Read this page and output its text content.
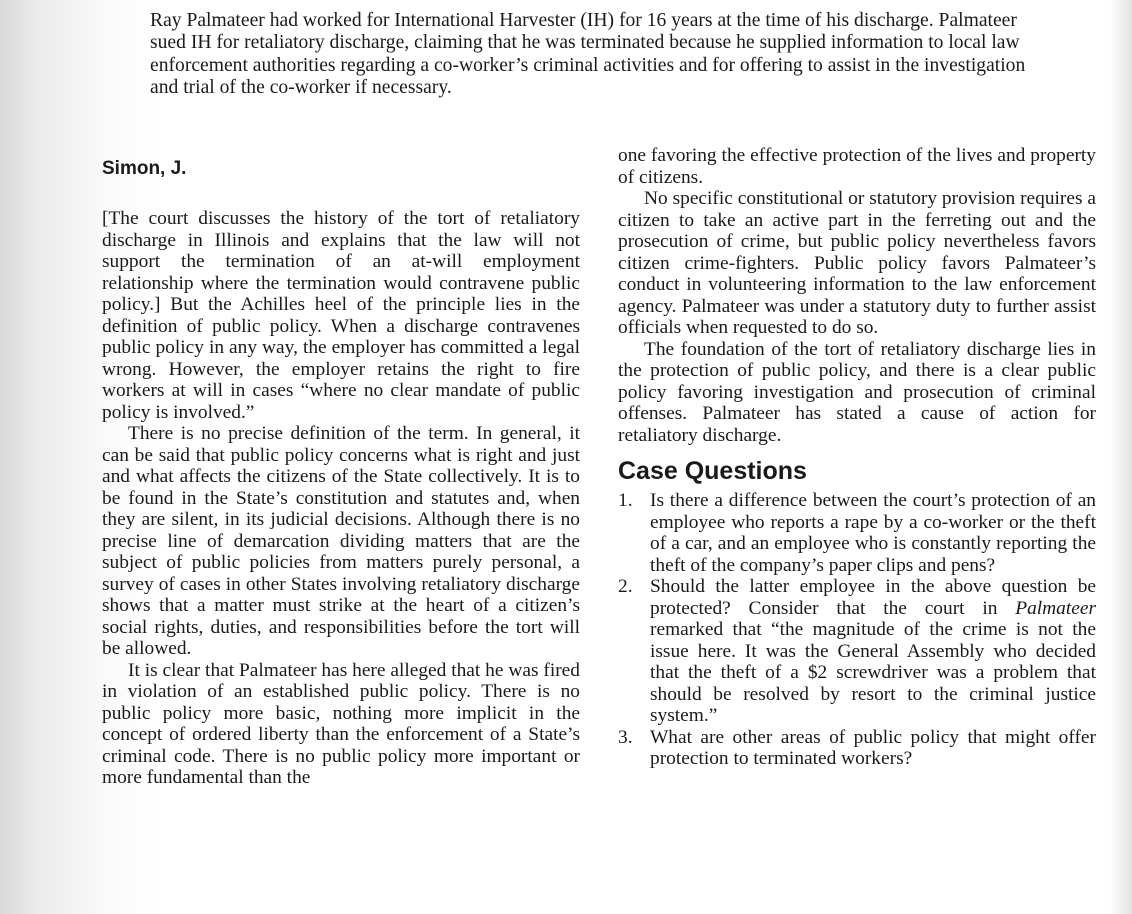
Ray Palmateer had worked for International Harvester (IH) for 16 years at the time of his discharge. Palmateer sued IH for retaliatory discharge, claiming that he was terminated because he supplied information to local law enforcement authorities regarding a co-worker’s criminal activities and for offering to assist in the investigation and trial of the co-worker if necessary.

Simon, J.

[The court discusses the history of the tort of retaliatory discharge in Illinois and explains that the law will not support the termination of an at-will employment relationship where the termination would contravene public policy.] But the Achilles heel of the principle lies in the definition of public policy. When a discharge contravenes public policy in any way, the employer has committed a legal wrong. However, the employer retains the right to fire workers at will in cases “where no clear mandate of public policy is involved.”

There is no precise definition of the term. In general, it can be said that public policy concerns what is right and just and what affects the citizens of the State collectively. It is to be found in the State’s constitution and statutes and, when they are silent, in its judicial decisions. Although there is no precise line of demarcation dividing matters that are the subject of public policies from matters purely personal, a survey of cases in other States involving retaliatory discharge shows that a matter must strike at the heart of a citizen’s social rights, duties, and responsibilities before the tort will be allowed.

It is clear that Palmateer has here alleged that he was fired in violation of an established public policy. There is no public policy more basic, nothing more implicit in the concept of ordered liberty than the enforcement of a State’s criminal code. There is no public policy more important or more fundamental than the

one favoring the effective protection of the lives and property of citizens.

No specific constitutional or statutory provision requires a citizen to take an active part in the ferreting out and the prosecution of crime, but public policy nevertheless favors citizen crime-fighters. Public policy favors Palmateer’s conduct in volunteering information to the law enforcement agency. Palmateer was under a statutory duty to further assist officials when requested to do so.

The foundation of the tort of retaliatory discharge lies in the protection of public policy, and there is a clear public policy favoring investigation and prosecution of criminal offenses. Palmateer has stated a cause of action for retaliatory discharge.

Case Questions
1. Is there a difference between the court’s protection of an employee who reports a rape by a co-worker or the theft of a car, and an employee who is constantly reporting the theft of the company’s paper clips and pens?
2. Should the latter employee in the above question be protected? Consider that the court in Palmateer remarked that “the magnitude of the crime is not the issue here. It was the General Assembly who decided that the theft of a $2 screwdriver was a problem that should be resolved by resort to the criminal justice system.”
3. What are other areas of public policy that might offer protection to terminated workers?
